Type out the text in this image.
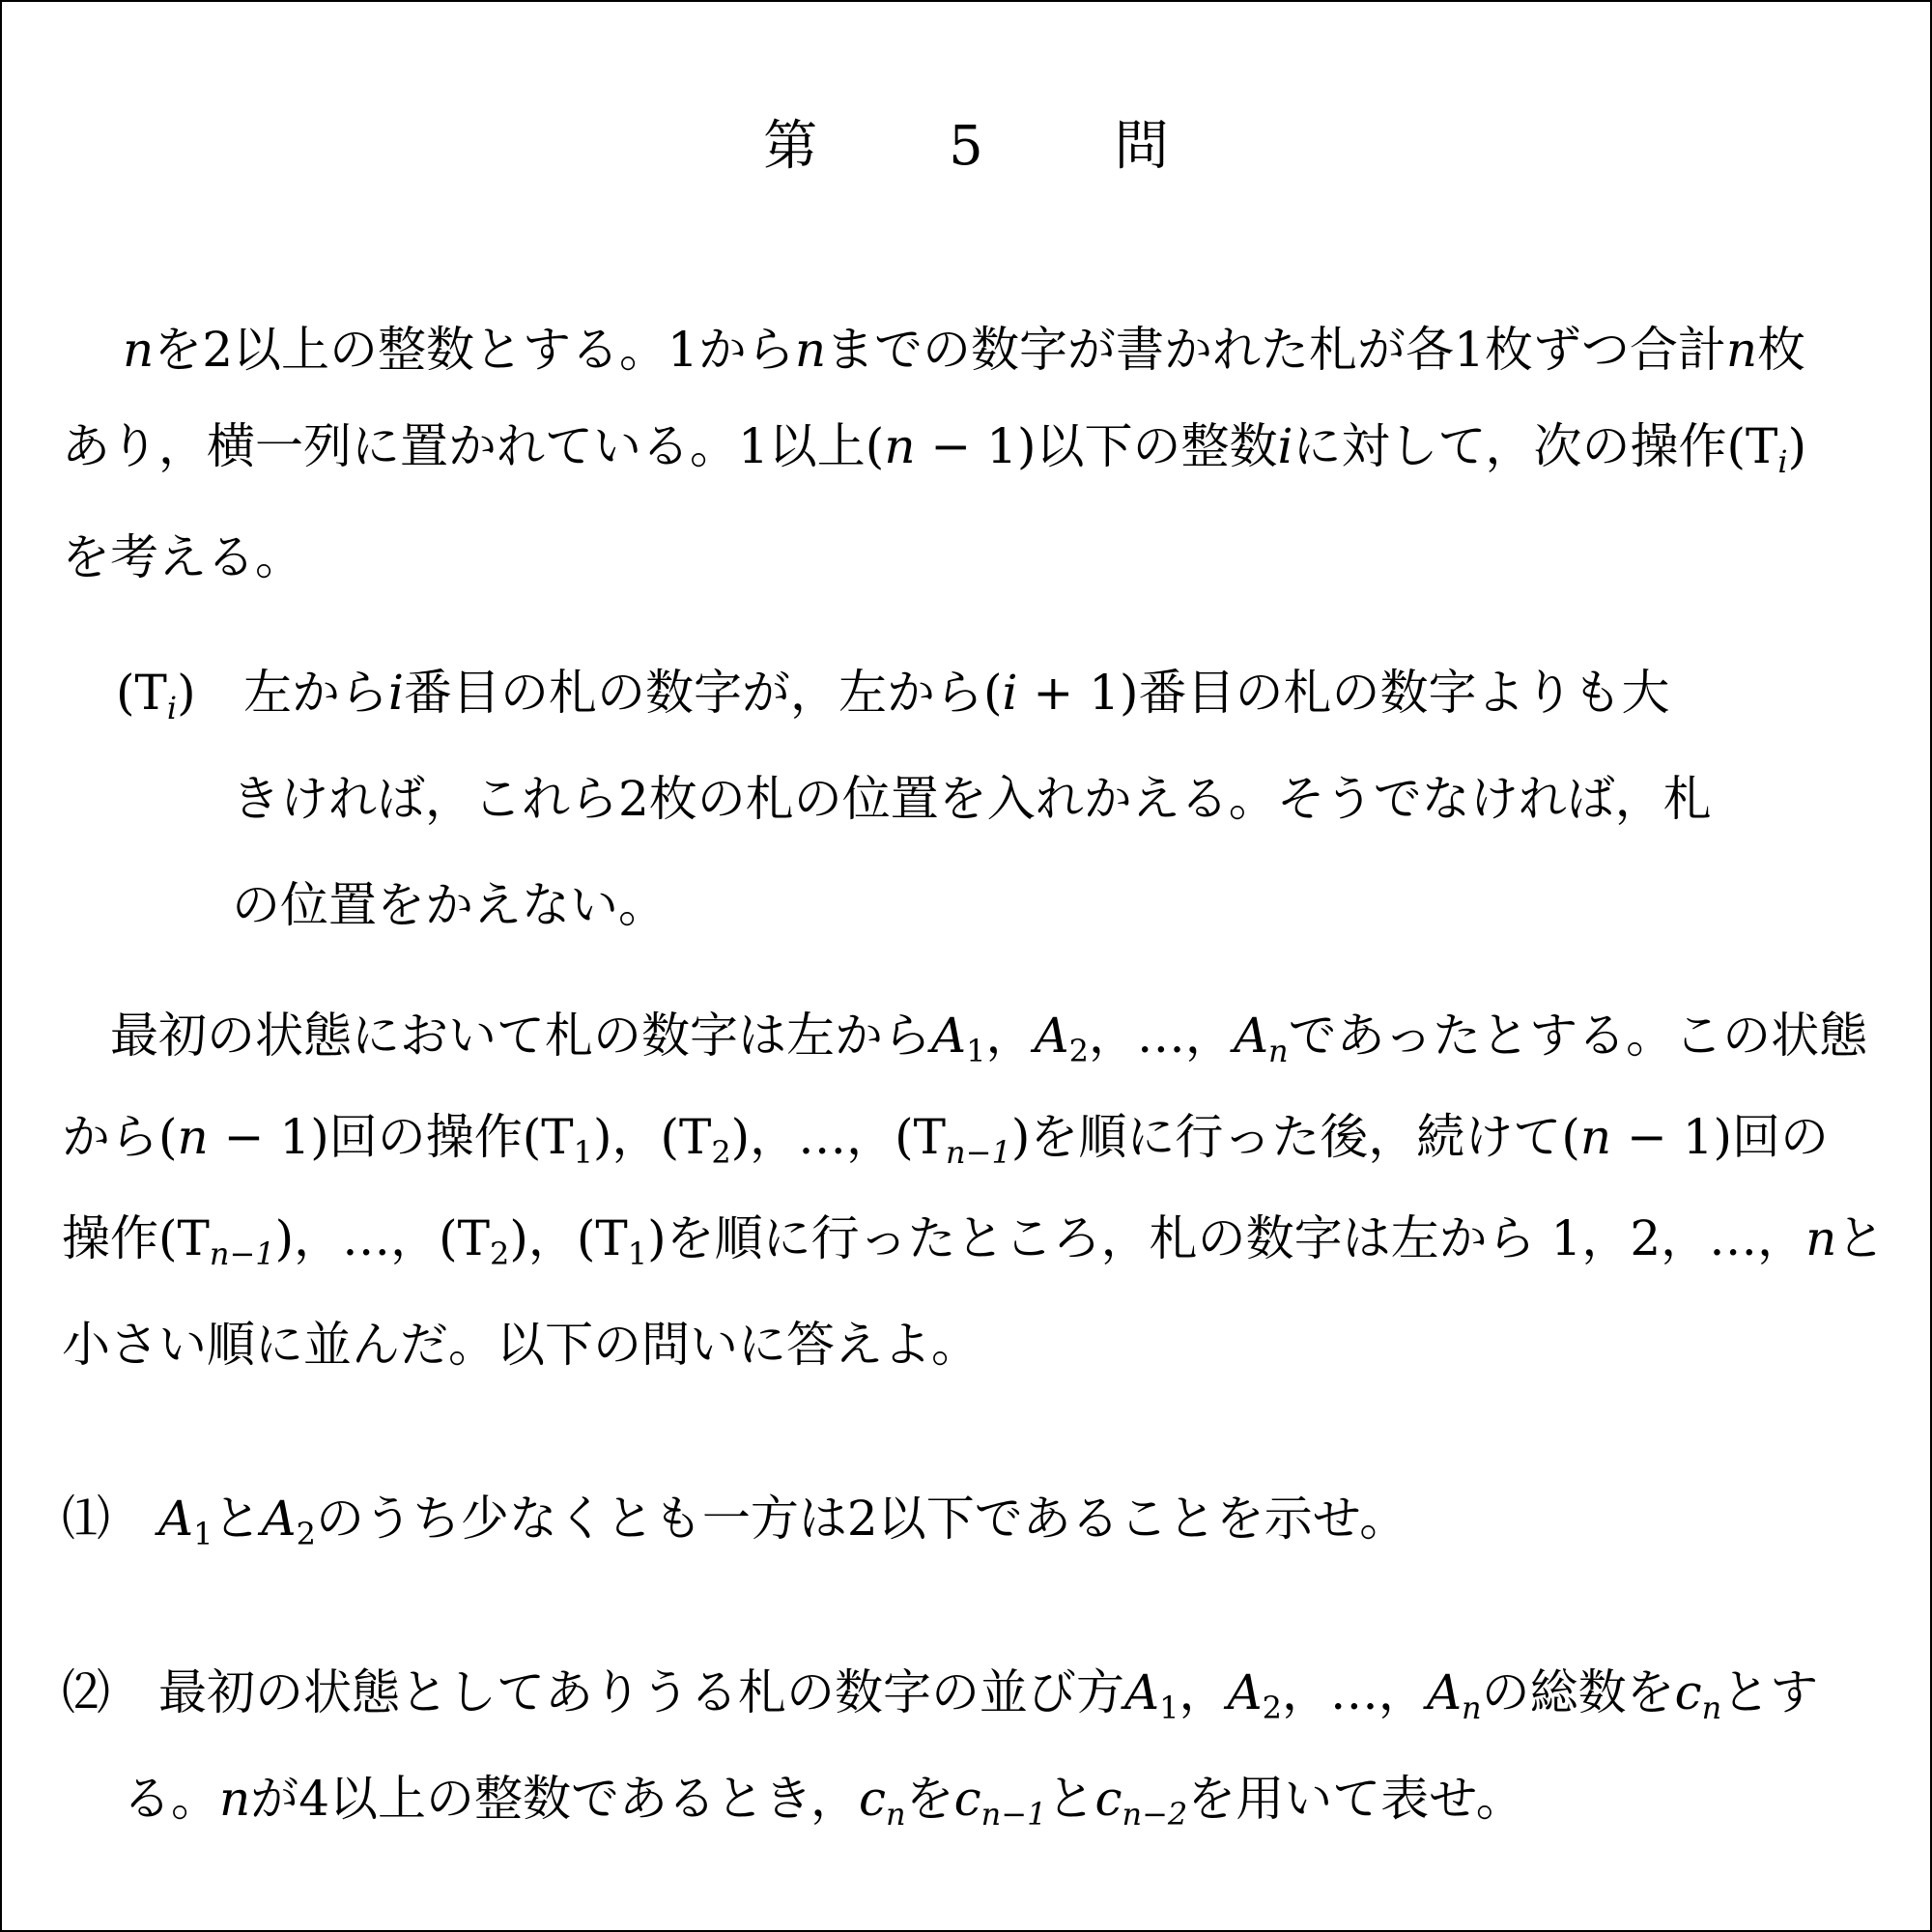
第　5　問
nを2以上の整数とする。1からnまでの数字が書かれた札が各1枚ずつ合計n枚
あり，横一列に置かれている。1以上(n − 1)以下の整数iに対して，次の操作$(T_i)$
を考える。
$(T_i)$ 左からi番目の札の数字が，左から(i + 1)番目の札の数字よりも大
きければ，これら2枚の札の位置を入れかえる。そうでなければ，札
の位置をかえない。
最初の状態において札の数字は左から$A_1$，$A_2$，…，$A_n$であったとする。この状態
から(n − 1)回の操作$(T_1)$，$(T_2)$，…，$(T_{n-1})$を順に行った後，続けて(n − 1)回の
操作$(T_{n-1})$，…，$(T_2)$，$(T_1)$を順に行ったところ，札の数字は左から 1，2，…，nと
小さい順に並んだ。以下の問いに答えよ。
⑴　$A_1$と$A_2$のうち少なくとも一方は2以下であることを示せ。
⑵　最初の状態としてありうる札の数字の並び方$A_1$，$A_2$，…，$A_n$の総数を$c_n$とす
る。nが4以上の整数であるとき，$c_n$を$c_{n-1}$と$c_{n-2}$を用いて表せ。
